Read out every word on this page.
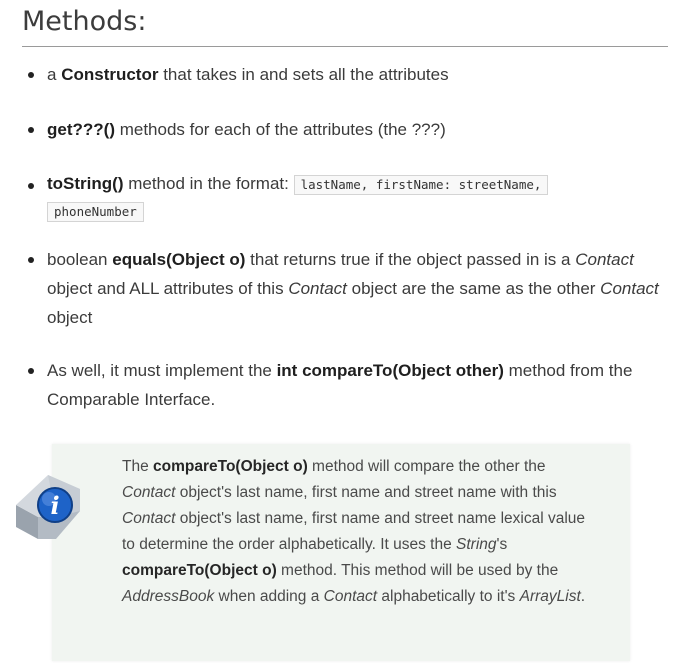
Methods:
a Constructor that takes in and sets all the attributes
get???() methods for each of the attributes (the ???)
toString() method in the format: lastName, firstName: streetName,
phoneNumber
boolean equals(Object o) that returns true if the object passed in is a Contact object and ALL attributes of this Contact object are the same as the other Contact object
As well, it must implement the int compareTo(Object other) method from the Comparable Interface.
The compareTo(Object o) method will compare the other the Contact object's last name, first name and street name with this Contact object's last name, first name and street name lexical value to determine the order alphabetically. It uses the String's compareTo(Object o) method. This method will be used by the AddressBook when adding a Contact alphabetically to it's ArrayList.
i
